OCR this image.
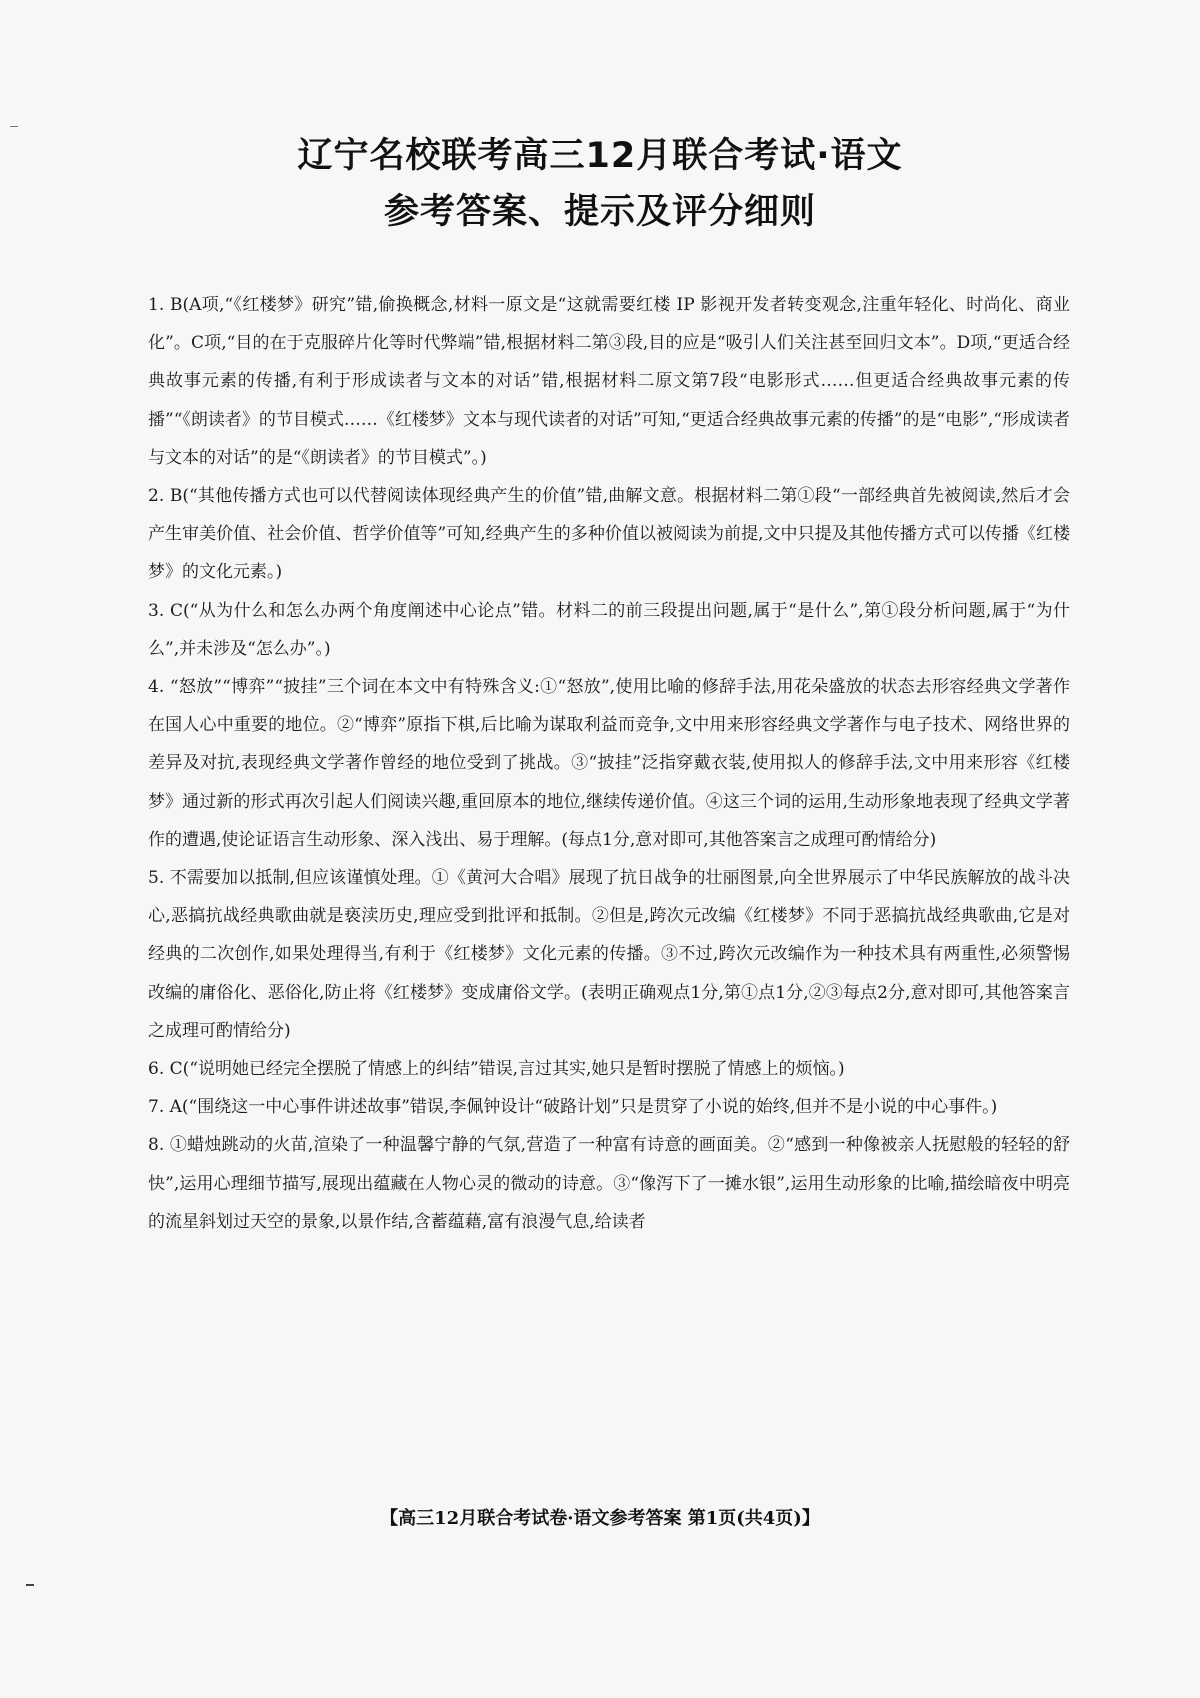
辽宁名校联考高三12月联合考试·语文
参考答案、提示及评分细则

1. B(A项,“《红楼梦》研究”错,偷换概念,材料一原文是“这就需要红楼 IP 影视开发者转变观念,注重年轻化、时尚化、商业化”。C项,“目的在于克服碎片化等时代弊端”错,根据材料二第③段,目的应是“吸引人们关注甚至回归文本”。D项,“更适合经典故事元素的传播,有利于形成读者与文本的对话”错,根据材料二原文第7段“电影形式……但更适合经典故事元素的传播”“《朗读者》的节目模式……《红楼梦》文本与现代读者的对话”可知,“更适合经典故事元素的传播”的是“电影”,“形成读者与文本的对话”的是“《朗读者》的节目模式”。)

2. B(“其他传播方式也可以代替阅读体现经典产生的价值”错,曲解文意。根据材料二第①段“一部经典首先被阅读,然后才会产生审美价值、社会价值、哲学价值等”可知,经典产生的多种价值以被阅读为前提,文中只提及其他传播方式可以传播《红楼梦》的文化元素。)

3. C(“从为什么和怎么办两个角度阐述中心论点”错。材料二的前三段提出问题,属于“是什么”,第①段分析问题,属于“为什么”,并未涉及“怎么办”。)

4. “怒放”“博弈”“披挂”三个词在本文中有特殊含义:①“怒放”,使用比喻的修辞手法,用花朵盛放的状态去形容经典文学著作在国人心中重要的地位。②“博弈”原指下棋,后比喻为谋取利益而竞争,文中用来形容经典文学著作与电子技术、网络世界的差异及对抗,表现经典文学著作曾经的地位受到了挑战。③“披挂”泛指穿戴衣装,使用拟人的修辞手法,文中用来形容《红楼梦》通过新的形式再次引起人们阅读兴趣,重回原本的地位,继续传递价值。④这三个词的运用,生动形象地表现了经典文学著作的遭遇,使论证语言生动形象、深入浅出、易于理解。(每点1分,意对即可,其他答案言之成理可酌情给分)

5. 不需要加以抵制,但应该谨慎处理。①《黄河大合唱》展现了抗日战争的壮丽图景,向全世界展示了中华民族解放的战斗决心,恶搞抗战经典歌曲就是亵渎历史,理应受到批评和抵制。②但是,跨次元改编《红楼梦》不同于恶搞抗战经典歌曲,它是对经典的二次创作,如果处理得当,有利于《红楼梦》文化元素的传播。③不过,跨次元改编作为一种技术具有两重性,必须警惕改编的庸俗化、恶俗化,防止将《红楼梦》变成庸俗文学。(表明正确观点1分,第①点1分,②③每点2分,意对即可,其他答案言之成理可酌情给分)

6. C(“说明她已经完全摆脱了情感上的纠结”错误,言过其实,她只是暂时摆脱了情感上的烦恼。)

7. A(“围绕这一中心事件讲述故事”错误,李佩钟设计“破路计划”只是贯穿了小说的始终,但并不是小说的中心事件。)

8. ①蜡烛跳动的火苗,渲染了一种温馨宁静的气氛,营造了一种富有诗意的画面美。②“感到一种像被亲人抚慰般的轻轻的舒快”,运用心理细节描写,展现出蕴藏在人物心灵的微动的诗意。③“像泻下了一摊水银”,运用生动形象的比喻,描绘暗夜中明亮的流星斜划过天空的景象,以景作结,含蓄蕴藉,富有浪漫气息,给读者

【高三12月联合考试卷·语文参考答案 第1页(共4页)】
